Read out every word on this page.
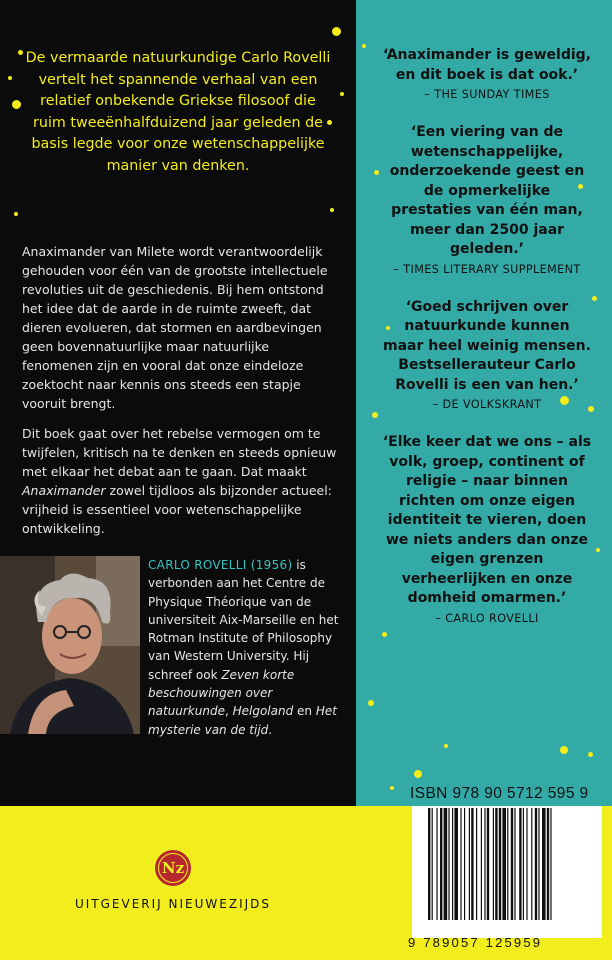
De vermaarde natuurkundige Carlo Rovelli vertelt het spannende verhaal van een relatief onbekende Griekse filosoof die ruim tweeënhalfduizend jaar geleden de basis legde voor onze wetenschappelijke manier van denken.
Anaximander van Milete wordt verantwoordelijk gehouden voor één van de grootste intellectuele revoluties uit de geschiedenis. Bij hem ontstond het idee dat de aarde in de ruimte zweeft, dat dieren evolueren, dat stormen en aardbevingen geen bovennatuurlijke maar natuurlijke fenomenen zijn en vooral dat onze eindeloze zoektocht naar kennis ons steeds een stapje vooruit brengt.
Dit boek gaat over het rebelse vermogen om te twijfelen, kritisch na te denken en steeds opnieuw met elkaar het debat aan te gaan. Dat maakt Anaximander zowel tijdloos als bijzonder actueel: vrijheid is essentieel voor wetenschappelijke ontwikkeling.
CARLO ROVELLI (1956) is verbonden aan het Centre de Physique Théorique van de universiteit Aix-Marseille en het Rotman Institute of Philosophy van Western University. Hij schreef ook Zeven korte beschouwingen over natuurkunde, Helgoland en Het mysterie van de tijd.
‘Anaximander is geweldig, en dit boek is dat ook.’
– THE SUNDAY TIMES
‘Een viering van de wetenschappelijke, onderzoekende geest en de opmerkelijke prestaties van één man, meer dan 2500 jaar geleden.’
– TIMES LITERARY SUPPLEMENT
‘Goed schrijven over natuurkunde kunnen maar heel weinig mensen. Bestsellerauteur Carlo Rovelli is een van hen.’
– DE VOLKSKRANT
‘Elke keer dat we ons – als volk, groep, continent of religie – naar binnen richten om onze eigen identiteit te vieren, doen we niets anders dan onze eigen grenzen verheerlijken en onze domheid omarmen.’
– CARLO ROVELLI
Nz
UITGEVERIJ NIEUWEZIJDS
ISBN 978 90 5712 595 9
9 789057 125959
